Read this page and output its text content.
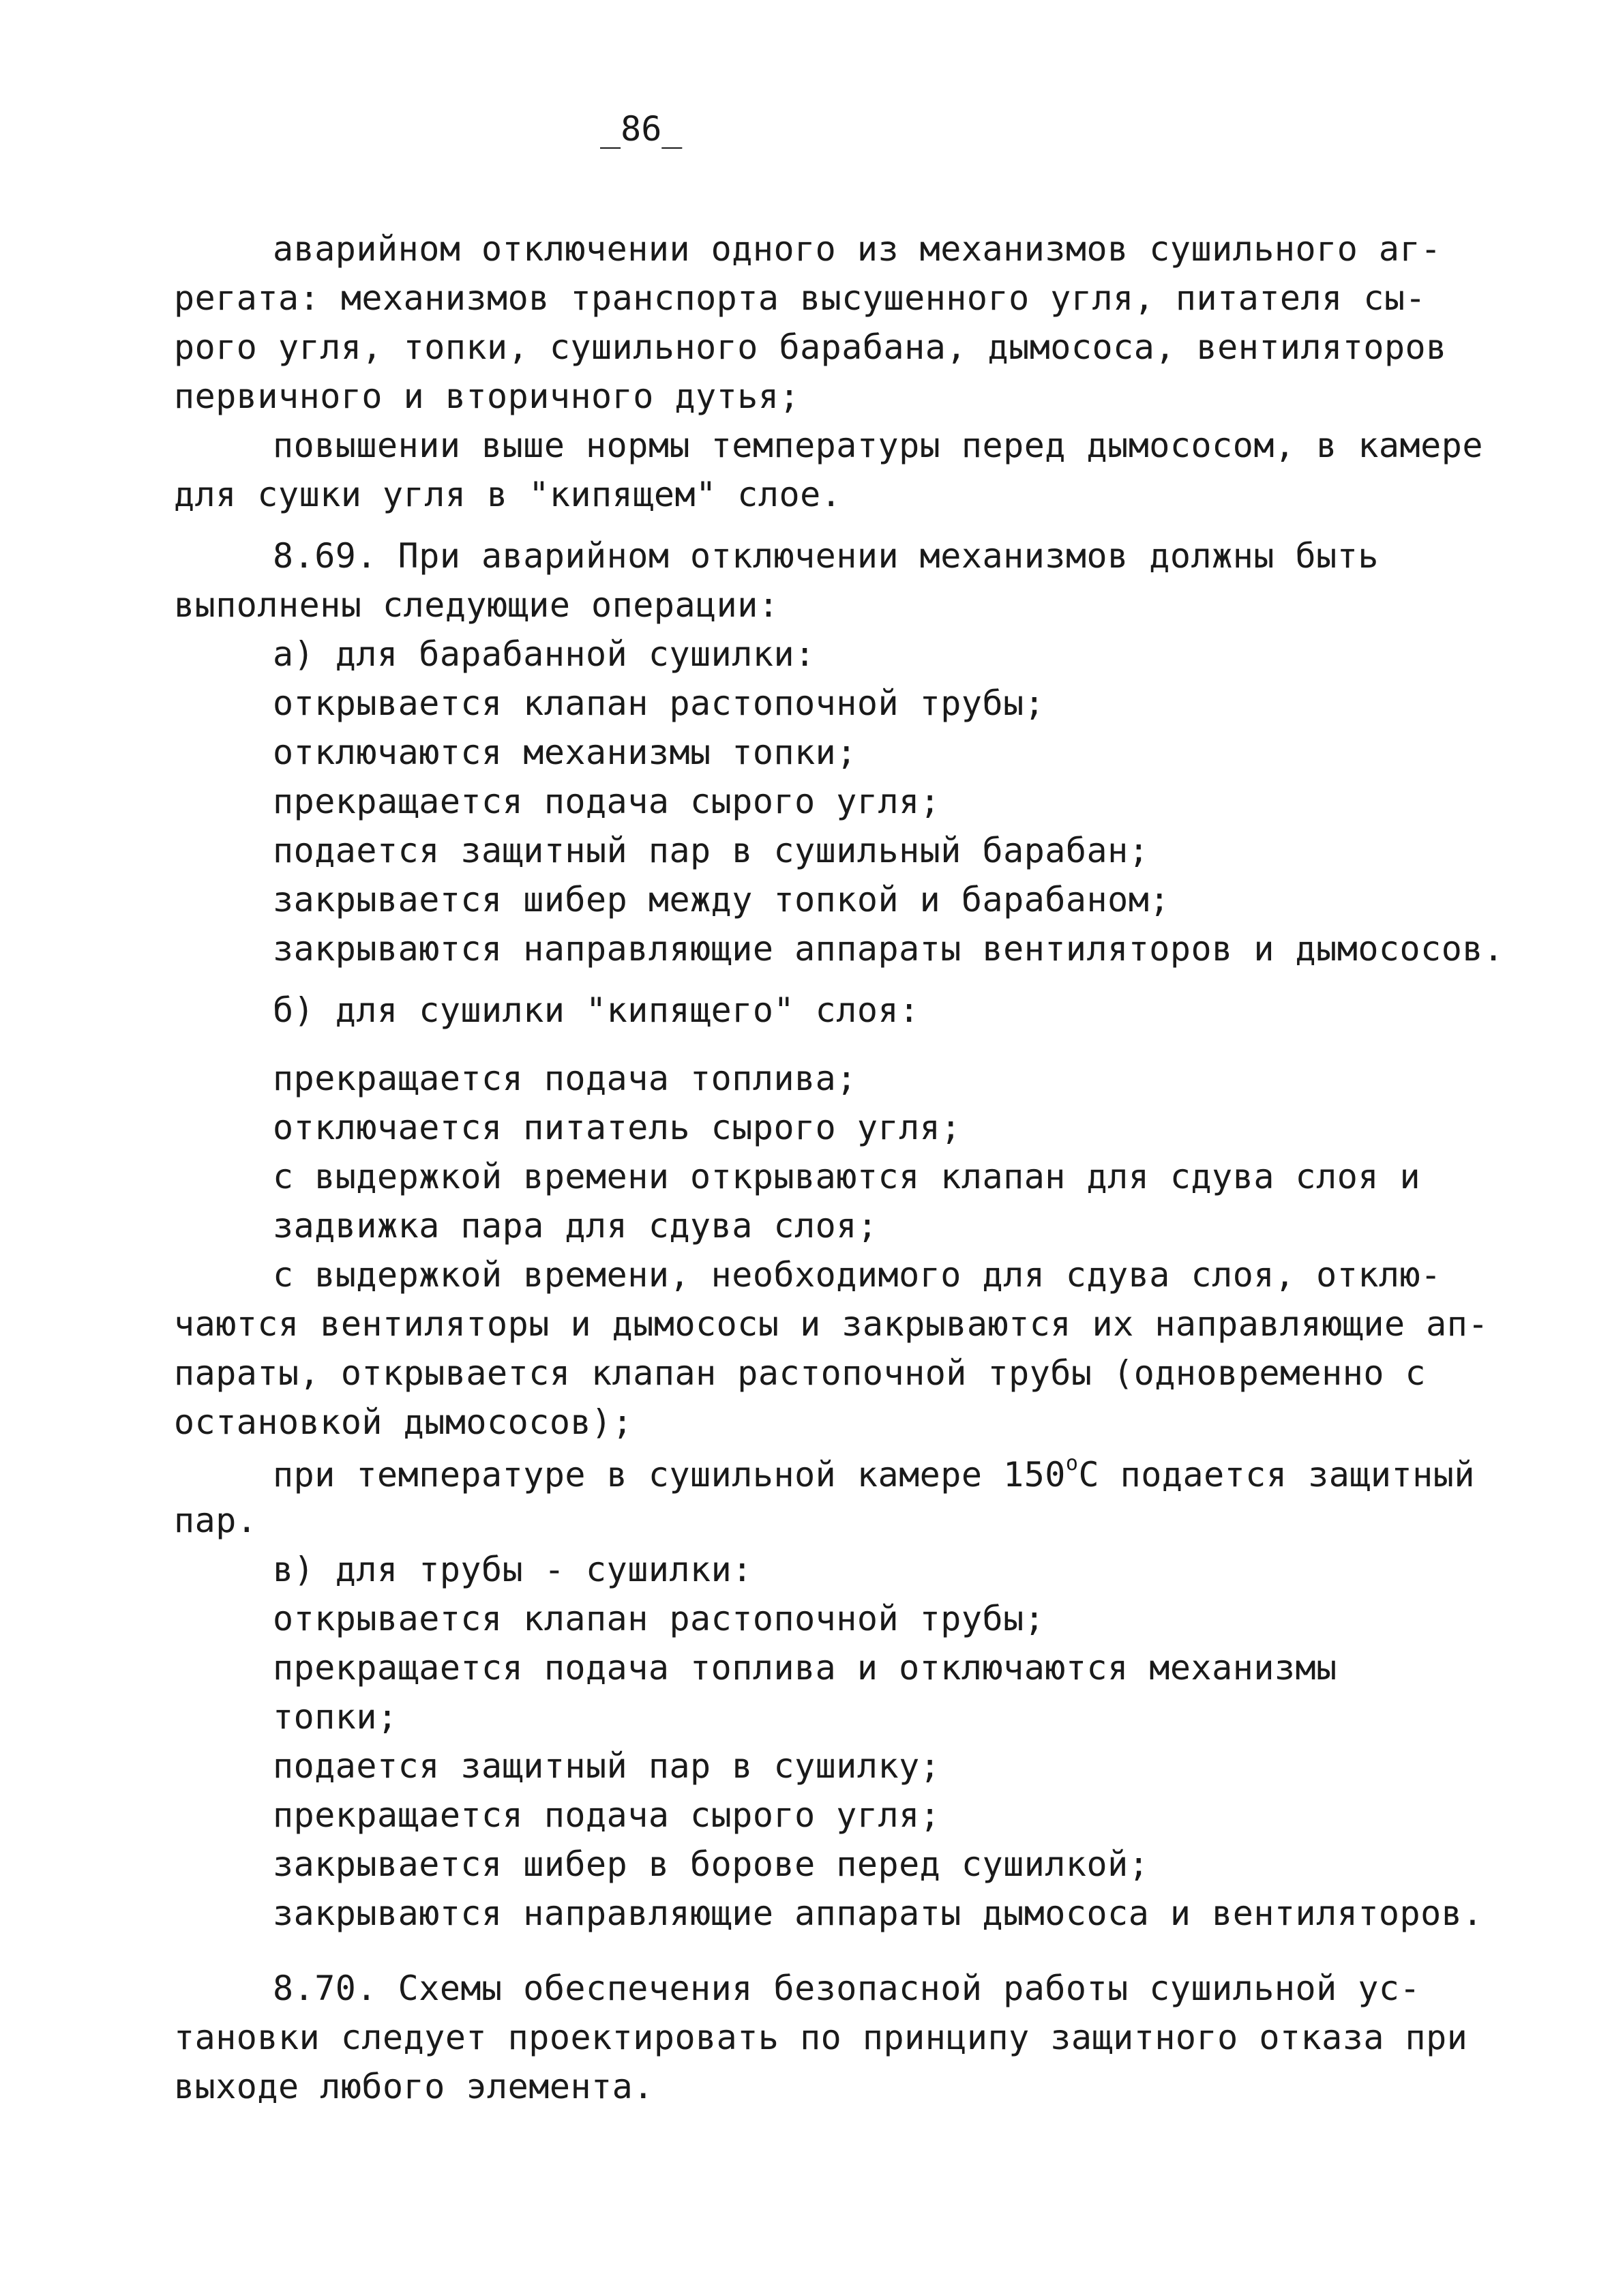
_86_
аварийном отключении одного из механизмов сушильного аг-
регата: механизмов транспорта высушенного угля, питателя сы-
рого угля, топки, сушильного барабана, дымососа, вентиляторов
первичного и вторичного дутья;
повышении выше нормы температуры перед дымососом, в камере
для сушки угля в "кипящем" слое.
8.69. При аварийном отключении механизмов должны быть
выполнены следующие операции:
а) для барабанной сушилки:
открывается клапан растопочной трубы;
отключаются механизмы топки;
прекращается подача сырого угля;
подается защитный пар в сушильный барабан;
закрывается шибер между топкой и барабаном;
закрываются направляющие аппараты вентиляторов и дымососов.
б) для сушилки "кипящего" слоя:
прекращается подача топлива;
отключается питатель сырого угля;
с выдержкой времени открываются клапан для сдува слоя и
задвижка пара для сдува слоя;
с выдержкой времени, необходимого для сдува слоя, отклю-
чаются вентиляторы и дымососы и закрываются их направляющие ап-
параты, открывается клапан растопочной трубы (одновременно с
остановкой дымососов);
при температуре в сушильной камере 150$^o$C подается защитный
пар.
в) для трубы - сушилки:
открывается клапан растопочной трубы;
прекращается подача топлива и отключаются механизмы
топки;
подается защитный пар в сушилку;
прекращается подача сырого угля;
закрывается шибер в борове перед сушилкой;
закрываются направляющие аппараты дымососа и вентиляторов.
8.70. Схемы обеспечения безопасной работы сушильной ус-
тановки следует проектировать по принципу защитного отказа при
выходе любого элемента.
